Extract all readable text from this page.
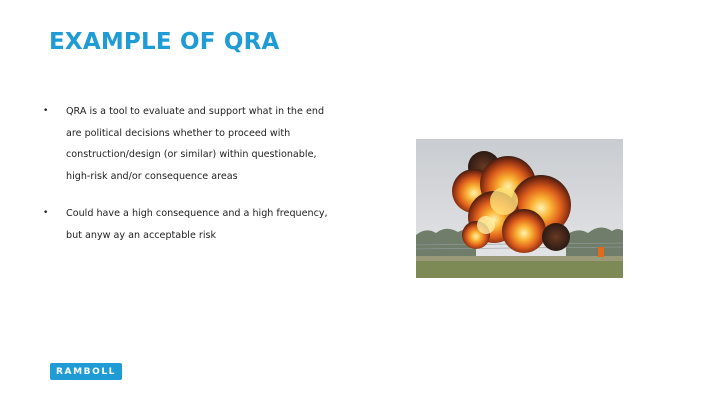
EXAMPLE OF QRA
• QRA is a tool to evaluate and support what in the end
are political decisions whether to proceed with
construction/design (or similar) within questionable,
high-risk and/or consequence areas
• Could have a high consequence and a high frequency,
but anyw ay an acceptable risk
RAMBOLL
